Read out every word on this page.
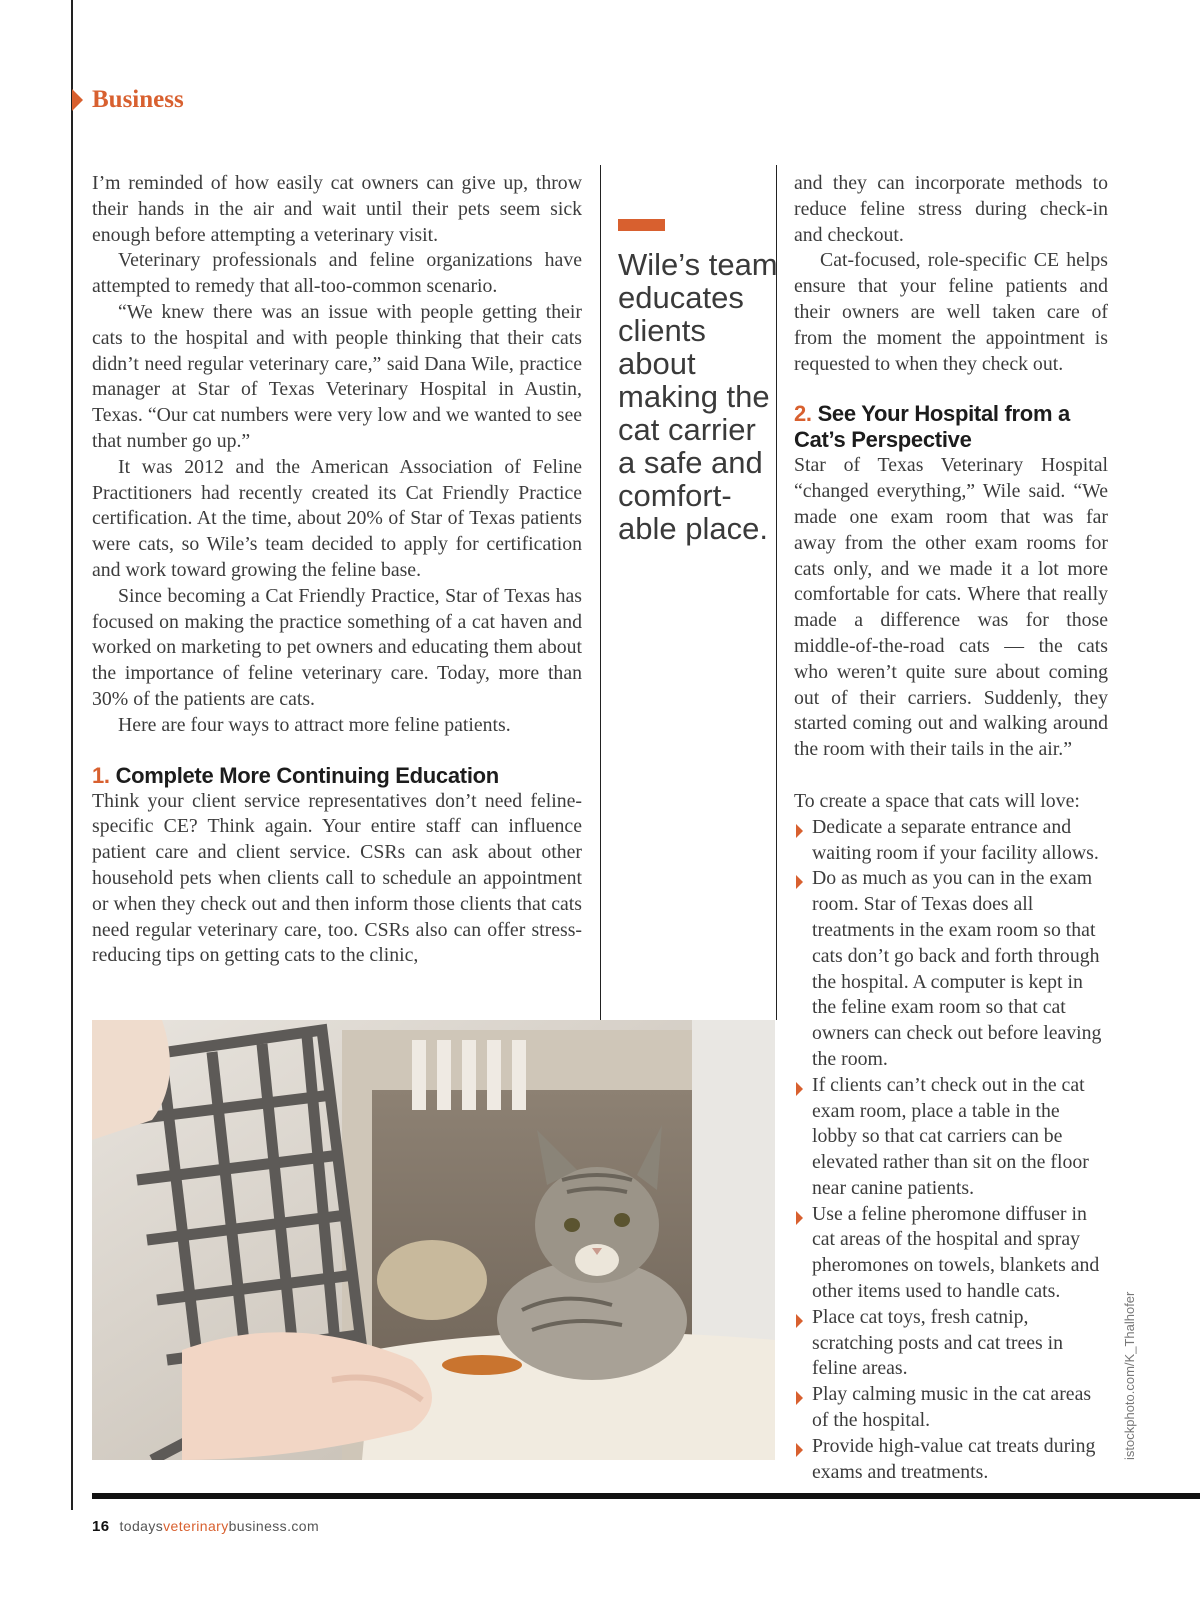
Business

I’m reminded of how easily cat owners can give up, throw their hands in the air and wait until their pets seem sick enough before attempting a veterinary visit.

Veterinary professionals and feline organizations have attempted to remedy that all-too-common scenario.

“We knew there was an issue with people getting their cats to the hospital and with people thinking that their cats didn’t need regular veterinary care,” said Dana Wile, practice manager at Star of Texas Veterinary Hospital in Austin, Texas. “Our cat numbers were very low and we wanted to see that number go up.”

It was 2012 and the American Association of Feline Practitioners had recently created its Cat Friendly Practice certification. At the time, about 20% of Star of Texas patients were cats, so Wile’s team decided to apply for certification and work toward growing the feline base.

Since becoming a Cat Friendly Practice, Star of Texas has focused on making the practice something of a cat haven and worked on marketing to pet owners and educating them about the importance of feline veterinary care. Today, more than 30% of the patients are cats.

Here are four ways to attract more feline patients.

1. Complete More Continuing Education

Think your client service representatives don’t need feline-specific CE? Think again. Your entire staff can influence patient care and client service. CSRs can ask about other household pets when clients call to schedule an appointment or when they check out and then inform those clients that cats need regular veterinary care, too. CSRs also can offer stress-reducing tips on getting cats to the clinic,

Wile’s team educates clients about making the cat carrier a safe and comfort-able place.

and they can incorporate methods to reduce feline stress during check-in and checkout.

Cat-focused, role-specific CE helps ensure that your feline patients and their owners are well taken care of from the moment the appointment is requested to when they check out.

2. See Your Hospital from a Cat’s Perspective

Star of Texas Veterinary Hospital “changed everything,” Wile said. “We made one exam room that was far away from the other exam rooms for cats only, and we made it a lot more comfortable for cats. Where that really made a difference was for those middle-of-the-road cats — the cats who weren’t quite sure about coming out of their carriers. Suddenly, they started coming out and walking around the room with their tails in the air.”

To create a space that cats will love:

Dedicate a separate entrance and waiting room if your facility allows.
Do as much as you can in the exam room. Star of Texas does all treatments in the exam room so that cats don’t go back and forth through the hospital. A computer is kept in the feline exam room so that cat owners can check out before leaving the room.
If clients can’t check out in the cat exam room, place a table in the lobby so that cat carriers can be elevated rather than sit on the floor near canine patients.
Use a feline pheromone diffuser in cat areas of the hospital and spray pheromones on towels, blankets and other items used to handle cats.
Place cat toys, fresh catnip, scratching posts and cat trees in feline areas.
Play calming music in the cat areas of the hospital.
Provide high-value cat treats during exams and treatments.
istockphoto.com/K_Thalhofer
16 todaysveterinarybusiness.com
